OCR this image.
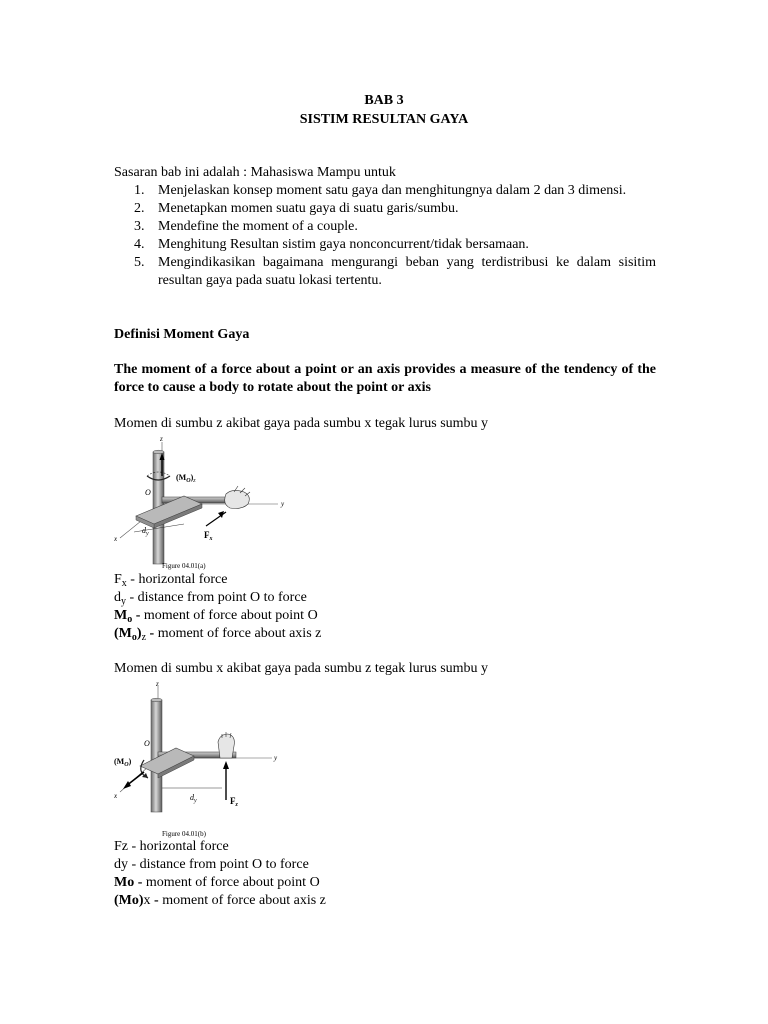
BAB 3
SISTIM RESULTAN GAYA
Sasaran bab ini adalah : Mahasiswa Mampu untuk
1. Menjelaskan konsep moment satu gaya dan menghitungnya dalam 2 dan 3 dimensi.
2. Menetapkan momen suatu gaya di suatu garis/sumbu.
3. Mendefine the moment of a couple.
4. Menghitung Resultan sistim gaya nonconcurrent/tidak bersamaan.
5. Mengindikasikan bagaimana mengurangi beban yang terdistribusi ke dalam sisitim resultan gaya pada suatu lokasi tertentu.
Definisi Moment Gaya
The moment of a force about a point or an axis provides a measure of the tendency of the force to cause a body to rotate about the point or axis
Momen di sumbu z akibat gaya pada sumbu x tegak lurus sumbu y
z
y
x
O
$(M_O)_z$
$d_y$	$F_x$
Figure 04.01(a)
$F_x$ - horizontal force
$d_y$ - distance from point O to force
$M_o$ - moment of force about point O
$(M_o)_z$ - moment of force about axis z
Momen di sumbu x akibat gaya pada sumbu z tegak lurus sumbu y
z
y
x
O
$(M_O)$
$d_y$	$F_z$
Figure 04.01(b)
Fz - horizontal force
dy - distance from point O to force
Mo - moment of force about point O
(Mo)x - moment of force about axis z
